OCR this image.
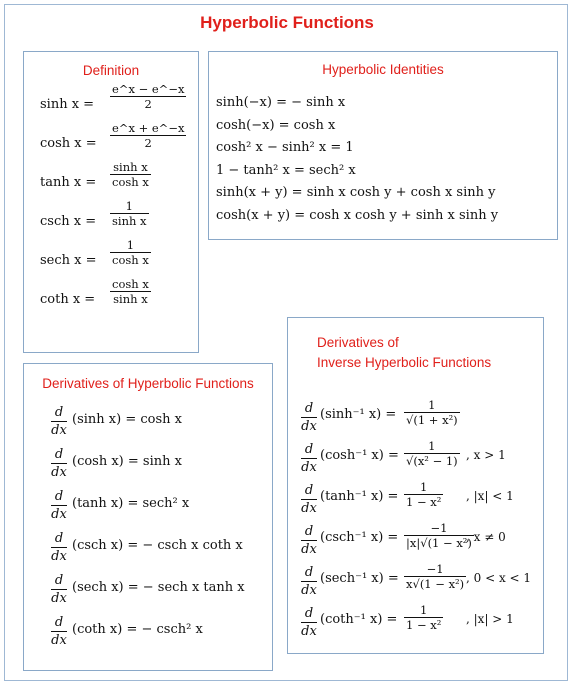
Hyperbolic Functions
Definition	Hyperbolic Identities
Derivatives of Hyperbolic Functions
Derivatives of
Inverse Hyperbolic Functions
$\sinh x = \frac{e\^{}x - e\^{}-x}{2}$
$\cosh x = \frac{e\^{}x + e\^{}-x}{2}$
$\tanh x = \frac{\text{sinh x}}{\text{cosh x}}$
csch $x = \frac{1}{\text{sinh x}}$
sech $x = \frac{1}{\text{cosh x}}$
coth $x = \frac{\text{cosh x}}{\text{sinh x}}$
sinh(−x) = − sinh x
cosh(−x) = cosh x
cosh² x − sinh² x = 1
1 − tanh² x = sech² x
sinh(x + y) = sinh x cosh y + cosh x sinh y
cosh(x + y) = cosh x cosh y + sinh x sinh y
$\frac{d}{dx} (\sinh$ x) = cosh x
$\frac{d}{dx} (\cosh$ x) = sinh x
$\frac{d}{dx} (\tanh$ x) = sech² x
$\frac{d}{dx} (\csc h$ x) = − csch x coth x
$\frac{d}{dx} (\sec h$ x) = − sech x tanh x
$\frac{d}{dx} (\cot h$ x) = − csch² x
$\frac{d}{dx} (\sinh^{-1}$ $x) = \frac{1}{\text{√(1 + x²)}}$
$\frac{d}{dx} (\cosh^{-1}$ $x) = \frac{1}{\text{√(x² − 1)}}$ , x > 1
$\frac{d}{dx} (\tanh^{-1}$ $x) = \frac{1}{\text{1 − x²}}$ , |x| < 1
$\frac{d}{dx} (\csc h^{-1}$ $x) = \frac{-1}{\text{|x|√(1 − x²)}}$
, x ≠ 0
$\frac{d}{dx} (\sec h^{-1}$ $x) = \frac{-1}{\text{x√(1 − x²)}}$ , 0 < x < 1
$\frac{d}{dx} (\cot h^{-1}$ $x) = \frac{1}{\text{1 − x²}}$ , |x| > 1
